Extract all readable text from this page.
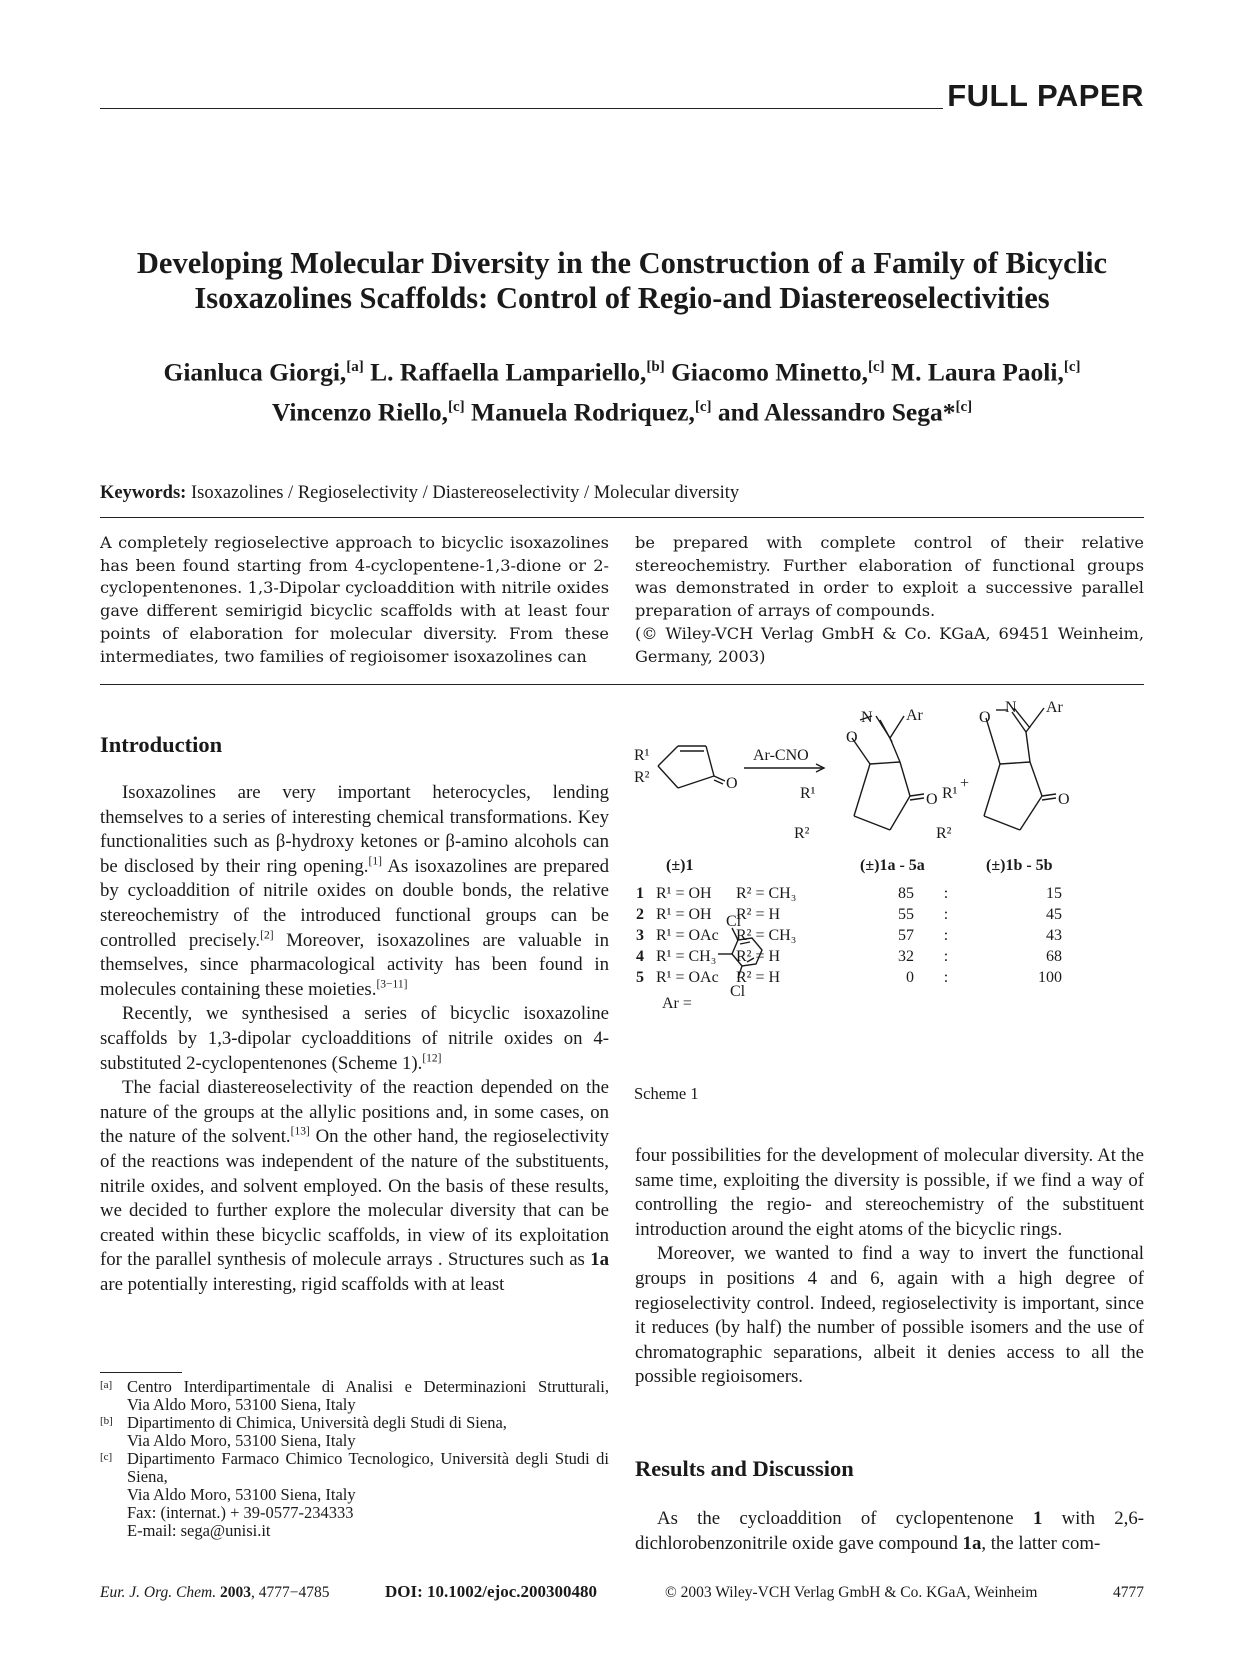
FULL PAPER
Developing Molecular Diversity in the Construction of a Family of Bicyclic
Isoxazolines Scaffolds: Control of Regio-and Diastereoselectivities
Gianluca Giorgi,[a] L. Raffaella Lampariello,[b] Giacomo Minetto,[c] M. Laura Paoli,[c]
Vincenzo Riello,[c] Manuela Rodriquez,[c] and Alessandro Sega*[c]
Keywords: Isoxazolines / Regioselectivity / Diastereoselectivity / Molecular diversity

A completely regioselective approach to bicyclic isoxazolines has been found starting from 4-cyclopentene-1,3-dione or 2-cyclopentenones. 1,3-Dipolar cycloaddition with nitrile oxides gave different semirigid bicyclic scaffolds with at least four points of elaboration for molecular diversity. From these intermediates, two families of regioisomer isoxazolines can

be prepared with complete control of their relative stereochemistry. Further elaboration of functional groups was demonstrated in order to exploit a successive parallel preparation of arrays of compounds.

(© Wiley-VCH Verlag GmbH & Co. KGaA, 69451 Weinheim, Germany, 2003)

Introduction

Isoxazolines are very important heterocycles, lending themselves to a series of interesting chemical transformations. Key functionalities such as β-hydroxy ketones or β-amino alcohols can be disclosed by their ring opening.[1] As isoxazolines are prepared by cycloaddition of nitrile oxides on double bonds, the relative stereochemistry of the introduced functional groups can be controlled precisely.[2] Moreover, isoxazolines are valuable in themselves, since pharmacological activity has been found in molecules containing these moieties.[3−11]

Recently, we synthesised a series of bicyclic isoxazoline scaffolds by 1,3-dipolar cycloadditions of nitrile oxides on 4-substituted 2-cyclopentenones (Scheme 1).[12]

The facial diastereoselectivity of the reaction depended on the nature of the groups at the allylic positions and, in some cases, on the nature of the solvent.[13] On the other hand, the regioselectivity of the reactions was independent of the nature of the substituents, nitrile oxides, and solvent employed. On the basis of these results, we decided to further explore the molecular diversity that can be created within these bicyclic scaffolds, in view of its exploitation for the parallel synthesis of molecule arrays . Structures such as 1a are potentially interesting, rigid scaffolds with at least

[a] Centro Interdipartimentale di Analisi e Determinazioni Strutturali,
Via Aldo Moro, 53100 Siena, Italy
[b] Dipartimento di Chimica, Università degli Studi di Siena,
Via Aldo Moro, 53100 Siena, Italy
[c] Dipartimento Farmaco Chimico Tecnologico, Università degli Studi di Siena,
Via Aldo Moro, 53100 Siena, Italy
Fax: (internat.) + 39-0577-234333
E-mail: sega@unisi.it
R¹
R²	O
Ar-CNO
O
N Ar
R¹
R²
O
+
O
N Ar
R¹
R²
O
(±)1	(±)1a - 5a	(±)1b - 5b
1 R¹ = OH R² = CH₃	85 :	15
2 R¹ = OH R² = H	55 :	45
3 R¹ = OAc R² = CH₃	57 :	43
4 R¹ = CH₃ R² = H	32 :	68
5 R¹ = OAc R² = H	0 :	100
Ar =
Cl
Cl
Scheme 1

four possibilities for the development of molecular diversity. At the same time, exploiting the diversity is possible, if we find a way of controlling the regio- and stereochemistry of the substituent introduction around the eight atoms of the bicyclic rings.

Moreover, we wanted to find a way to invert the functional groups in positions 4 and 6, again with a high degree of regioselectivity control. Indeed, regioselectivity is important, since it reduces (by half) the number of possible isomers and the use of chromatographic separations, albeit it denies access to all the possible regioisomers.

Results and Discussion

As the cycloaddition of cyclopentenone 1 with 2,6-dichlorobenzonitrile oxide gave compound 1a, the latter com-

Eur. J. Org. Chem. 2003, 4777−4785	DOI: 10.1002/ejoc.200300480	© 2003 Wiley-VCH Verlag GmbH & Co. KGaA, Weinheim	4777
